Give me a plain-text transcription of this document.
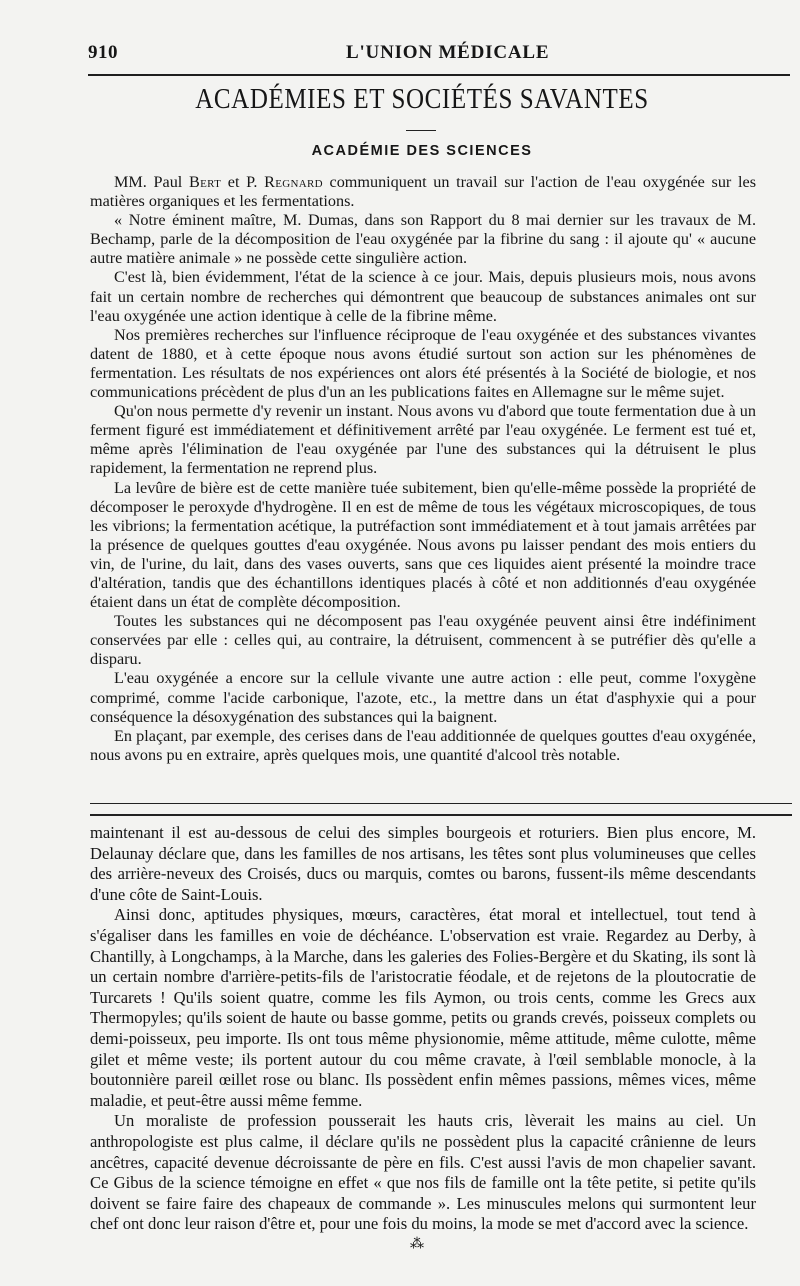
910	L'UNION MÉDICALE
ACADÉMIES ET SOCIÉTÉS SAVANTES
ACADÉMIE DES SCIENCES

MM. Paul Bert et P. Regnard communiquent un travail sur l'action de l'eau oxygénée sur les matières organiques et les fermentations.

« Notre éminent maître, M. Dumas, dans son Rapport du 8 mai dernier sur les travaux de M. Bechamp, parle de la décomposition de l'eau oxygénée par la fibrine du sang : il ajoute qu' « aucune autre matière animale » ne possède cette singulière action.

C'est là, bien évidemment, l'état de la science à ce jour. Mais, depuis plusieurs mois, nous avons fait un certain nombre de recherches qui démontrent que beaucoup de substances animales ont sur l'eau oxygénée une action identique à celle de la fibrine même.

Nos premières recherches sur l'influence réciproque de l'eau oxygénée et des substances vivantes datent de 1880, et à cette époque nous avons étudié surtout son action sur les phénomènes de fermentation. Les résultats de nos expériences ont alors été présentés à la Société de biologie, et nos communications précèdent de plus d'un an les publications faites en Allemagne sur le même sujet.

Qu'on nous permette d'y revenir un instant. Nous avons vu d'abord que toute fermentation due à un ferment figuré est immédiatement et définitivement arrêté par l'eau oxygénée. Le ferment est tué et, même après l'élimination de l'eau oxygénée par l'une des substances qui la détruisent le plus rapidement, la fermentation ne reprend plus.

La levûre de bière est de cette manière tuée subitement, bien qu'elle-même possède la propriété de décomposer le peroxyde d'hydrogène. Il en est de même de tous les végétaux microscopiques, de tous les vibrions; la fermentation acétique, la putréfaction sont immédiatement et à tout jamais arrêtées par la présence de quelques gouttes d'eau oxygénée. Nous avons pu laisser pendant des mois entiers du vin, de l'urine, du lait, dans des vases ouverts, sans que ces liquides aient présenté la moindre trace d'altération, tandis que des échantillons identiques placés à côté et non additionnés d'eau oxygénée étaient dans un état de complète décomposition.

Toutes les substances qui ne décomposent pas l'eau oxygénée peuvent ainsi être indéfiniment conservées par elle : celles qui, au contraire, la détruisent, commencent à se putréfier dès qu'elle a disparu.

L'eau oxygénée a encore sur la cellule vivante une autre action : elle peut, comme l'oxygène comprimé, comme l'acide carbonique, l'azote, etc., la mettre dans un état d'asphyxie qui a pour conséquence la désoxygénation des substances qui la baignent.

En plaçant, par exemple, des cerises dans de l'eau additionnée de quelques gouttes d'eau oxygénée, nous avons pu en extraire, après quelques mois, une quantité d'alcool très notable.

maintenant il est au-dessous de celui des simples bourgeois et roturiers. Bien plus encore, M. Delaunay déclare que, dans les familles de nos artisans, les têtes sont plus volumineuses que celles des arrière-neveux des Croisés, ducs ou marquis, comtes ou barons, fussent-ils même descendants d'une côte de Saint-Louis.

Ainsi donc, aptitudes physiques, mœurs, caractères, état moral et intellectuel, tout tend à s'égaliser dans les familles en voie de déchéance. L'observation est vraie. Regardez au Derby, à Chantilly, à Longchamps, à la Marche, dans les galeries des Folies-Bergère et du Skating, ils sont là un certain nombre d'arrière-petits-fils de l'aristocratie féodale, et de rejetons de la ploutocratie de Turcarets ! Qu'ils soient quatre, comme les fils Aymon, ou trois cents, comme les Grecs aux Thermopyles; qu'ils soient de haute ou basse gomme, petits ou grands crevés, poisseux complets ou demi-poisseux, peu importe. Ils ont tous même physionomie, même attitude, même culotte, même gilet et même veste; ils portent autour du cou même cravate, à l'œil semblable monocle, à la boutonnière pareil œillet rose ou blanc. Ils possèdent enfin mêmes passions, mêmes vices, même maladie, et peut-être aussi même femme.

Un moraliste de profession pousserait les hauts cris, lèverait les mains au ciel. Un anthropologiste est plus calme, il déclare qu'ils ne possèdent plus la capacité crânienne de leurs ancêtres, capacité devenue décroissante de père en fils. C'est aussi l'avis de mon chapelier savant. Ce Gibus de la science témoigne en effet « que nos fils de famille ont la tête petite, si petite qu'ils doivent se faire faire des chapeaux de commande ». Les minuscules melons qui surmontent leur chef ont donc leur raison d'être et, pour une fois du moins, la mode se met d'accord avec la science.

⁂
